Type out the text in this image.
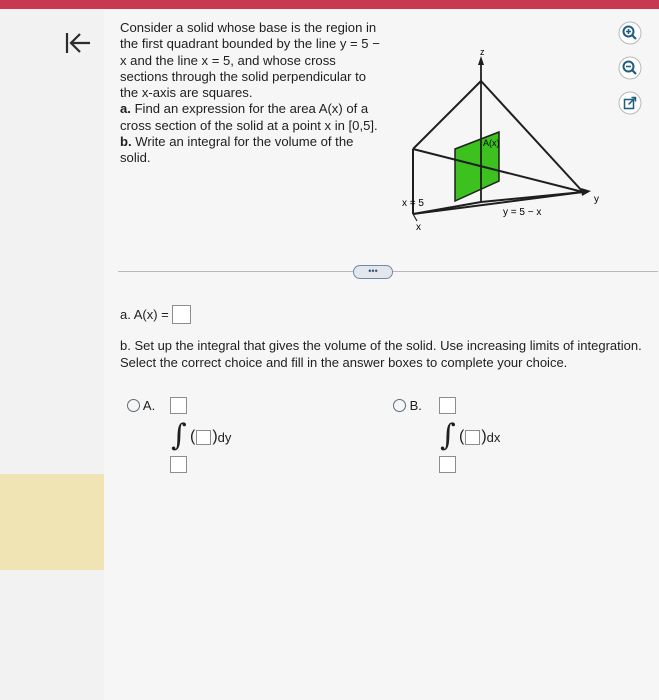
Consider a solid whose base is the region in the first quadrant bounded by the line y = 5 − x and the line x = 5, and whose cross sections through the solid perpendicular to the x-axis are squares.
a. Find an expression for the area A(x) of a cross section of the solid at a point x in [0,5].
b. Write an integral for the volume of the solid.
z
y
x
A(x)
x = 5
y = 5 − x
•••
a. A(x) =
b. Set up the integral that gives the volume of the solid. Use increasing limits of integration. Select the correct choice and fill in the answer boxes to complete your choice.
A.
∫ ( ) dy
B.
∫ ( ) dx
